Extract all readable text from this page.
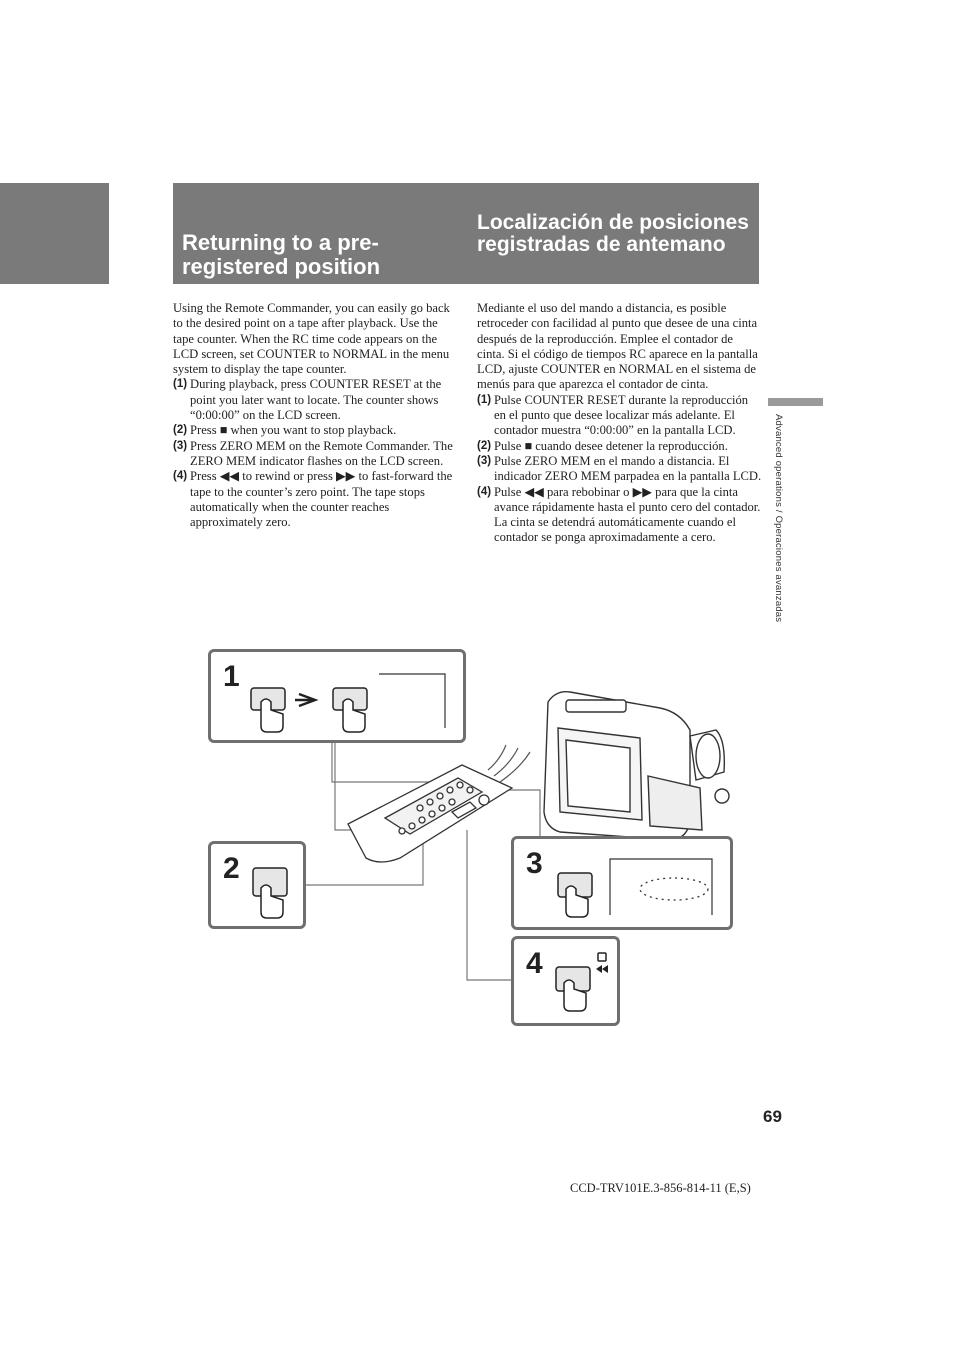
Returning to a pre-registered position
Localización de posiciones registradas de antemano

Using the Remote Commander, you can easily go back to the desired point on a tape after playback. Use the tape counter. When the RC time code appears on the LCD screen, set COUNTER to NORMAL in the menu system to display the tape counter.

(1) During playback, press COUNTER RESET at the point you later want to locate. The counter shows “0:00:00” on the LCD screen.

(2) Press ■ when you want to stop playback.

(3) Press ZERO MEM on the Remote Commander. The ZERO MEM indicator flashes on the LCD screen.

(4) Press ◀◀ to rewind or press ▶▶ to fast-forward the tape to the counter’s zero point. The tape stops automatically when the counter reaches approximately zero.

Mediante el uso del mando a distancia, es posible retroceder con facilidad al punto que desee de una cinta después de la reproducción. Emplee el contador de cinta. Si el código de tiempos RC aparece en la pantalla LCD, ajuste COUNTER en NORMAL en el sistema de menús para que aparezca el contador de cinta.

(1) Pulse COUNTER RESET durante la reproducción en el punto que desee localizar más adelante. El contador muestra “0:00:00” en la pantalla LCD.

(2) Pulse ■ cuando desee detener la reproducción.

(3) Pulse ZERO MEM en el mando a distancia. El indicador ZERO MEM parpadea en la pantalla LCD.

(4) Pulse ◀◀ para rebobinar o ▶▶ para que la cinta avance rápidamente hasta el punto cero del contador. La cinta se detendrá automáticamente cuando el contador se ponga aproximadamente a cero.	Advanced operations / Operaciones avanzadas
1
2	3
4
69
CCD-TRV101E.3-856-814-11 (E,S)
